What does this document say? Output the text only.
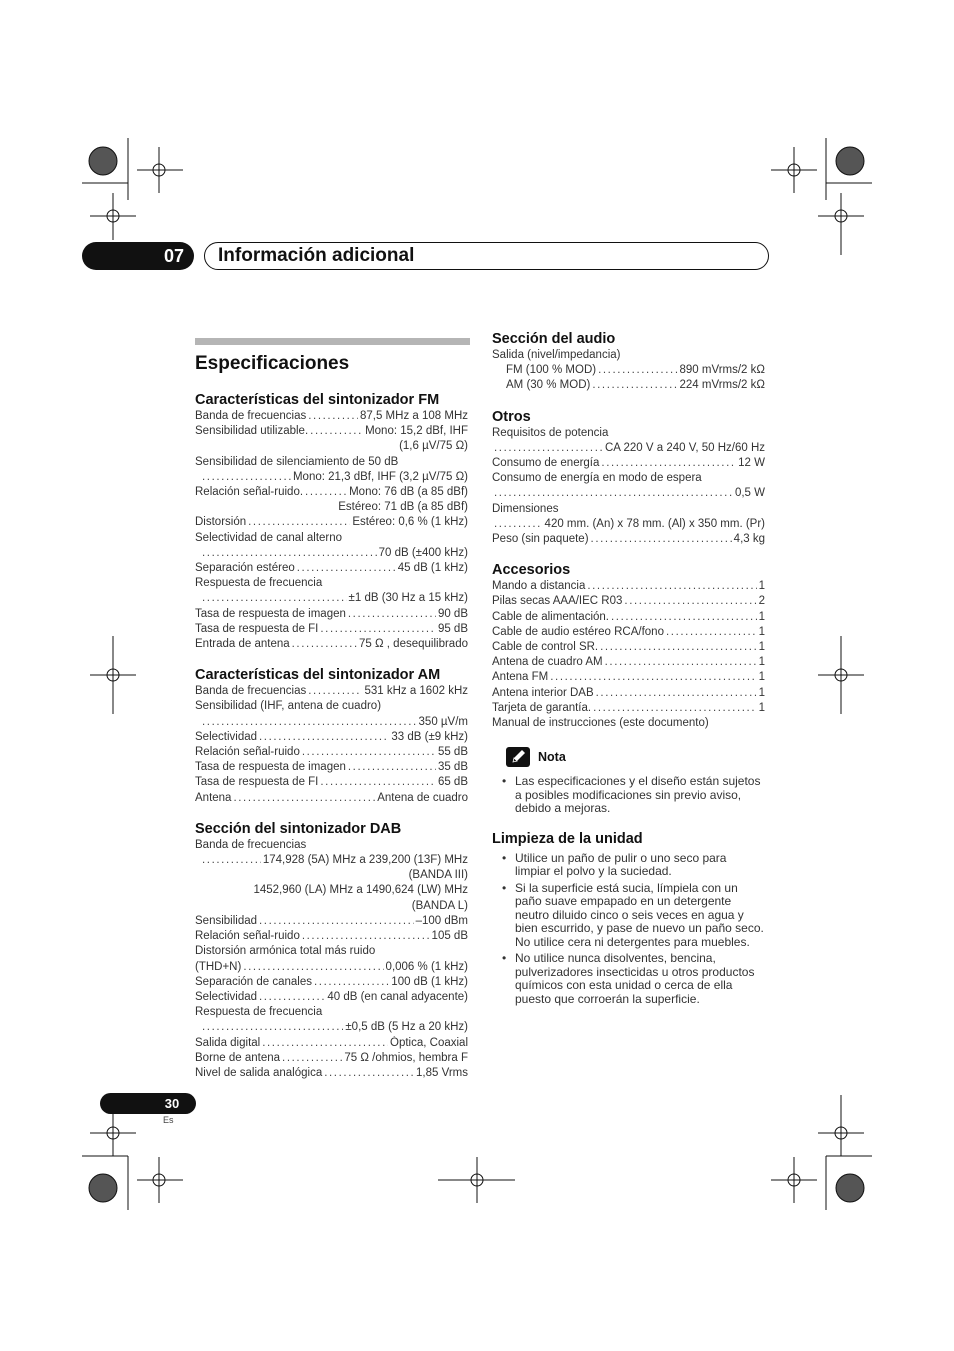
07	Información adicional
Especificaciones
Características del sintonizador FM
Banda de frecuencias .....	87,5 MHz a 108 MHz
Sensibilidad utilizable. .....	Mono: 15,2 dBf, IHF
(1,6 µV/75 Ω)
Sensibilidad de silenciamiento de 50 dB
.....
Mono: 21,3 dBf, IHF (3,2 µV/75 Ω)
Relación señal-ruido. .....	Mono: 76 dB (a 85 dBf)
Estéreo: 71 dB (a 85 dBf)
Distorsión .....	Estéreo: 0,6 % (1 kHz)
Selectividad de canal alterno
.....
70 dB (±400 kHz)
Separación estéreo .....	45 dB (1 kHz)
Respuesta de frecuencia
.....
±1 dB (30 Hz a 15 kHz)
Tasa de respuesta de imagen .....	90 dB
Tasa de respuesta de FI .....	95 dB
Entrada de antena .....	75 Ω , desequilibrado
Características del sintonizador AM
Banda de frecuencias .....	531 kHz a 1602 kHz
Sensibilidad (IHF, antena de cuadro)
.....
350 µV/m
Selectividad .....	33 dB (±9 kHz)
Relación señal-ruido .....	55 dB
Tasa de respuesta de imagen .....	35 dB
Tasa de respuesta de FI .....	65 dB
Antena .....	Antena de cuadro
Sección del sintonizador DAB
Banda de frecuencias
.....
174,928 (5A) MHz a 239,200 (13F) MHz
(BANDA III)
1452,960 (LA) MHz a 1490,624 (LW) MHz
(BANDA L)
Sensibilidad .....	–100 dBm
Relación señal-ruido .....	105 dB
Distorsión armónica total más ruido
(THD+N) .....	0,006 % (1 kHz)
Separación de canales .....	100 dB (1 kHz)
Selectividad .....	40 dB (en canal adyacente)
Respuesta de frecuencia
.....
±0,5 dB (5 Hz a 20 kHz)
Salida digital .....	Óptica, Coaxial
Borne de antena .....	75 Ω /ohmios, hembra F
Nivel de salida analógica .....	1,85 Vrms
Sección del audio
Salida (nivel/impedancia)
FM (100 % MOD) .....	890 mVrms/2 kΩ
AM (30 % MOD) .....	224 mVrms/2 kΩ
Otros
Requisitos de potencia
.....
CA 220 V a 240 V, 50 Hz/60 Hz
Consumo de energía .....	12 W
Consumo de energía en modo de espera
.....
0,5 W
Dimensiones
.....
420 mm. (An) x 78 mm. (Al) x 350 mm. (Pr)
Peso (sin paquete) .....	4,3 kg
Accesorios
Mando a distancia .....	1
Pilas secas AAA/IEC R03 .....	2
Cable de alimentación. .....	1
Cable de audio estéreo RCA/fono .....	1
Cable de control SR. .....	1
Antena de cuadro AM .....	1
Antena FM .....	1
Antena interior DAB .....	1
Tarjeta de garantía. .....	1
Manual de instrucciones (este documento)
Nota
• Las especificaciones y el diseño están sujetos a posibles modificaciones sin previo aviso, debido a mejoras.
Limpieza de la unidad
• Utilice un paño de pulir o uno seco para limpiar el polvo y la suciedad.
• Si la superficie está sucia, límpiela con un paño suave empapado en un detergente neutro diluido cinco o seis veces en agua y bien escurrido, y pase de nuevo un paño seco. No utilice cera ni detergentes para muebles.
• No utilice nunca disolventes, bencina, pulverizadores insecticidas u otros productos químicos con esta unidad o cerca de ella puesto que corroerán la superficie.
30
Es
